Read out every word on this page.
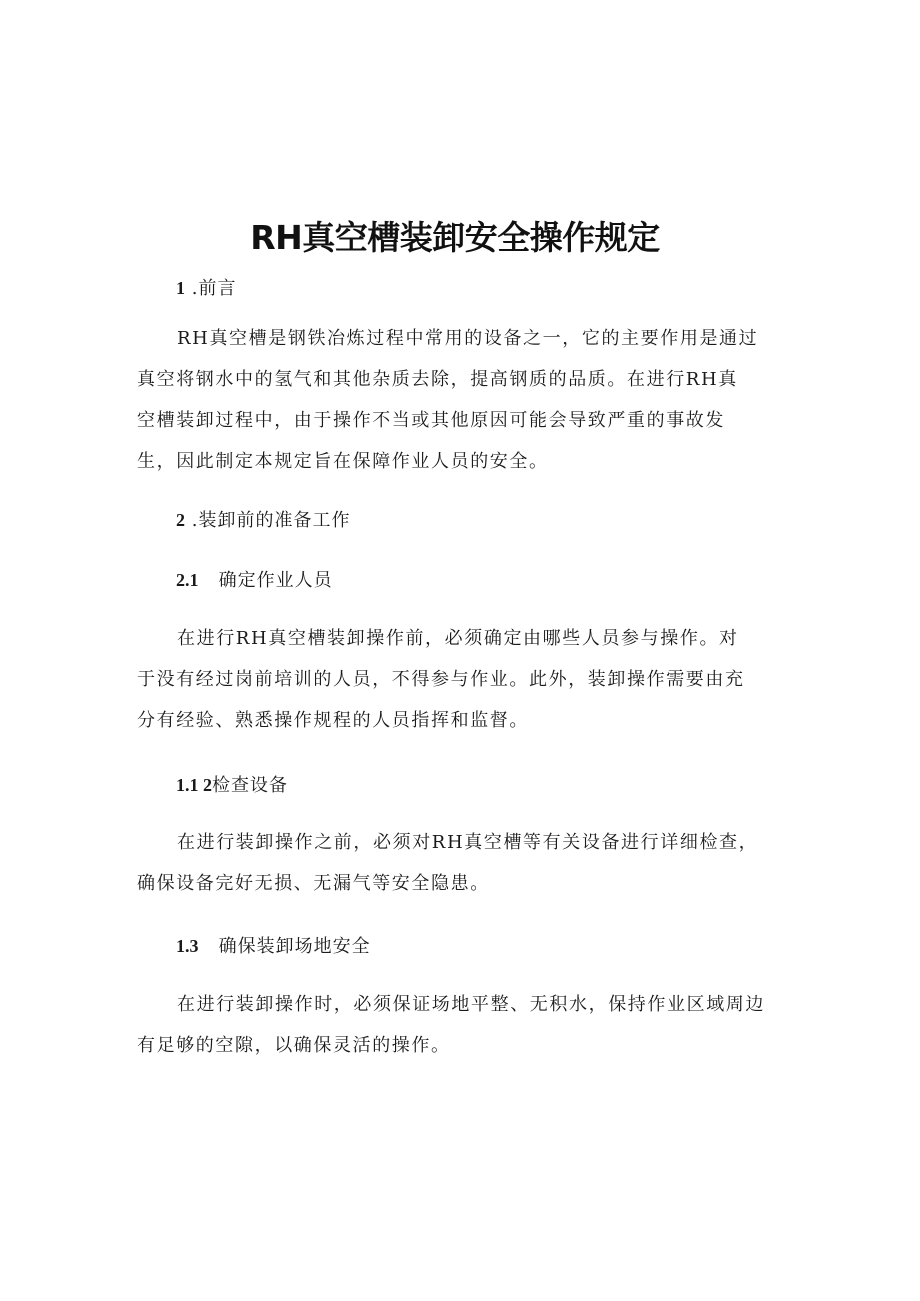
RH真空槽装卸安全操作规定
1 .前言
RH真空槽是钢铁冶炼过程中常用的设备之一，它的主要作用是通过
真空将钢水中的氢气和其他杂质去除，提高钢质的品质。在进行RH真
空槽装卸过程中，由于操作不当或其他原因可能会导致严重的事故发
生，因此制定本规定旨在保障作业人员的安全。
2 .装卸前的准备工作
2.1   确定作业人员
在进行RH真空槽装卸操作前，必须确定由哪些人员参与操作。对
于没有经过岗前培训的人员，不得参与作业。此外，装卸操作需要由充
分有经验、熟悉操作规程的人员指挥和监督。
1.1 2检查设备
在进行装卸操作之前，必须对RH真空槽等有关设备进行详细检查，
确保设备完好无损、无漏气等安全隐患。
1.3   确保装卸场地安全
在进行装卸操作时，必须保证场地平整、无积水，保持作业区域周边
有足够的空隙，以确保灵活的操作。
